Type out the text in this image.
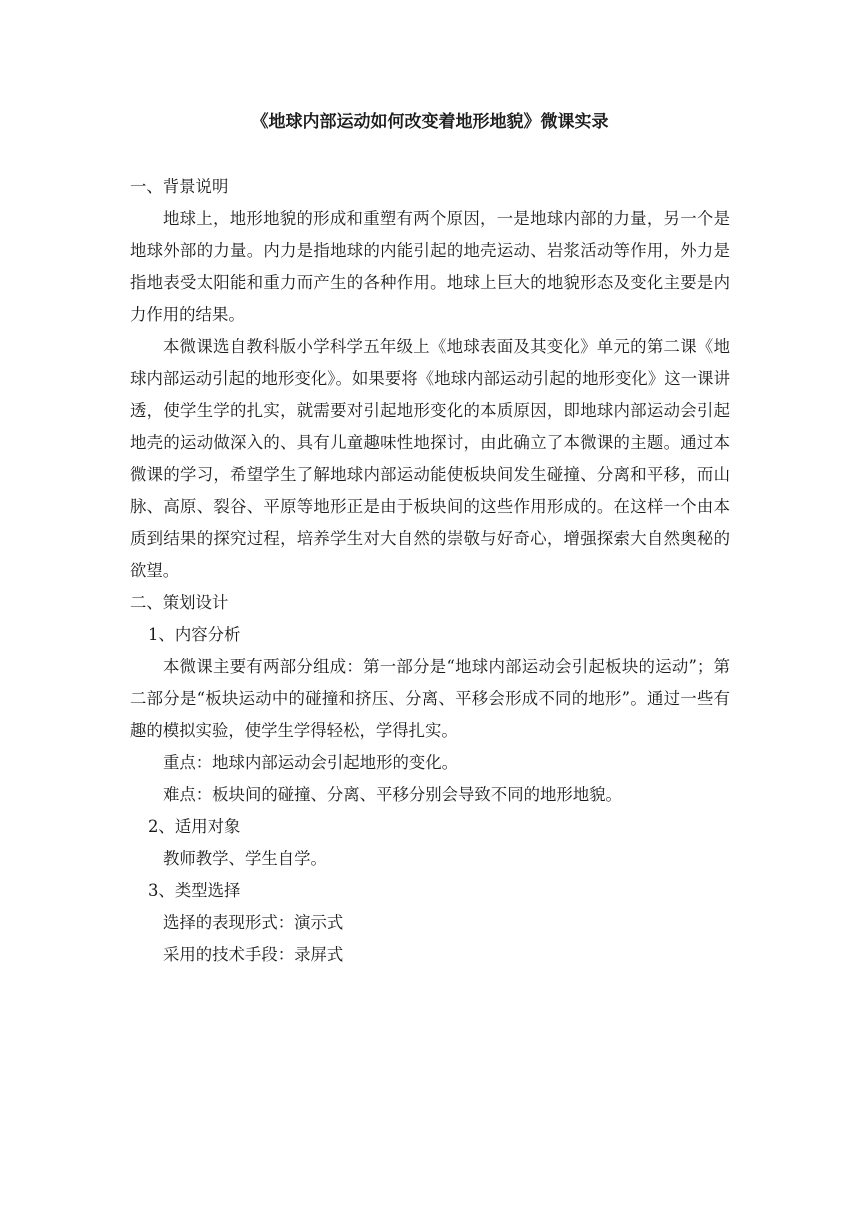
《地球内部运动如何改变着地形地貌》微课实录
一、背景说明
地球上，地形地貌的形成和重塑有两个原因，一是地球内部的力量，另一个是地球外部的力量。内力是指地球的内能引起的地壳运动、岩浆活动等作用，外力是指地表受太阳能和重力而产生的各种作用。地球上巨大的地貌形态及变化主要是内力作用的结果。
本微课选自教科版小学科学五年级上《地球表面及其变化》单元的第二课《地球内部运动引起的地形变化》。如果要将《地球内部运动引起的地形变化》这一课讲透，使学生学的扎实，就需要对引起地形变化的本质原因，即地球内部运动会引起地壳的运动做深入的、具有儿童趣味性地探讨，由此确立了本微课的主题。通过本微课的学习，希望学生了解地球内部运动能使板块间发生碰撞、分离和平移，而山脉、高原、裂谷、平原等地形正是由于板块间的这些作用形成的。在这样一个由本质到结果的探究过程，培养学生对大自然的崇敬与好奇心，增强探索大自然奥秘的欲望。
二、策划设计
1、内容分析
本微课主要有两部分组成：第一部分是“地球内部运动会引起板块的运动”；第二部分是“板块运动中的碰撞和挤压、分离、平移会形成不同的地形”。通过一些有趣的模拟实验，使学生学得轻松，学得扎实。
重点：地球内部运动会引起地形的变化。
难点：板块间的碰撞、分离、平移分别会导致不同的地形地貌。
2、适用对象
教师教学、学生自学。
3、类型选择
选择的表现形式：演示式
采用的技术手段：录屏式
